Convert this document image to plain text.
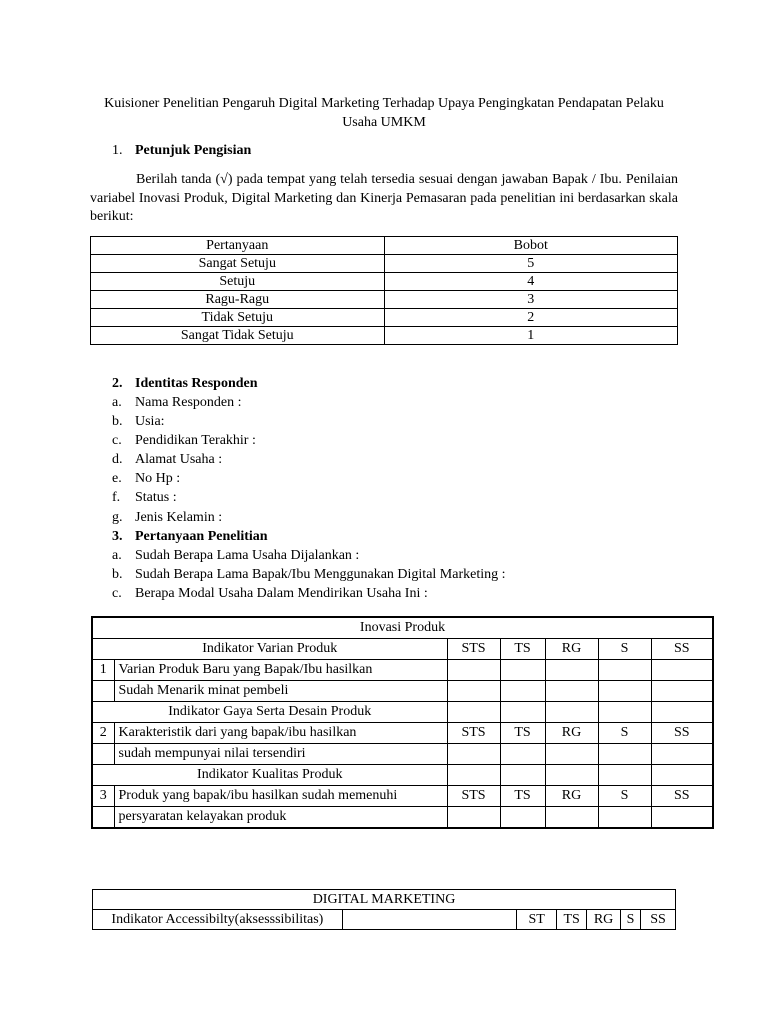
Kuisioner Penelitian Pengaruh Digital Marketing Terhadap Upaya Pengingkatan Pendapatan Pelaku Usaha UMKM
1. Petunjuk Pengisian
Berilah tanda (√) pada tempat yang telah tersedia sesuai dengan jawaban Bapak / Ibu. Penilaian variabel Inovasi Produk, Digital Marketing dan Kinerja Pemasaran pada penelitian ini berdasarkan skala berikut:
Pertanyaan	Bobot
Sangat Setuju	5
Setuju	4
Ragu-Ragu	3
Tidak Setuju	2
Sangat Tidak Setuju	1
2. Identitas Responden
a. Nama Responden :
b. Usia:
c. Pendidikan Terakhir :
d. Alamat Usaha :
e. No Hp :
f. Status :
g. Jenis Kelamin :
3. Pertanyaan Penelitian
a. Sudah Berapa Lama Usaha Dijalankan :
b. Sudah Berapa Lama Bapak/Ibu Menggunakan Digital Marketing :
c. Berapa Modal Usaha Dalam Mendirikan Usaha Ini :
Inovasi Produk						
Indikator Varian Produk		STS	TS	RG	S	SS
1	Varian Produk Baru yang Bapak/Ibu hasilkan					
	Sudah Menarik minat pembeli					
Indikator Gaya Serta Desain Produk						
2	Karakteristik dari yang bapak/ibu hasilkan	STS	TS	RG	S	SS
	sudah mempunyai nilai tersendiri					
Indikator Kualitas Produk						
3	Produk yang bapak/ibu hasilkan sudah memenuhi	STS	TS	RG	S	SS
	persyaratan kelayakan produk					
DIGITAL MARKETING
Indikator Accessibilty(aksesssibilitas)		ST	TS	RG	S	SS
